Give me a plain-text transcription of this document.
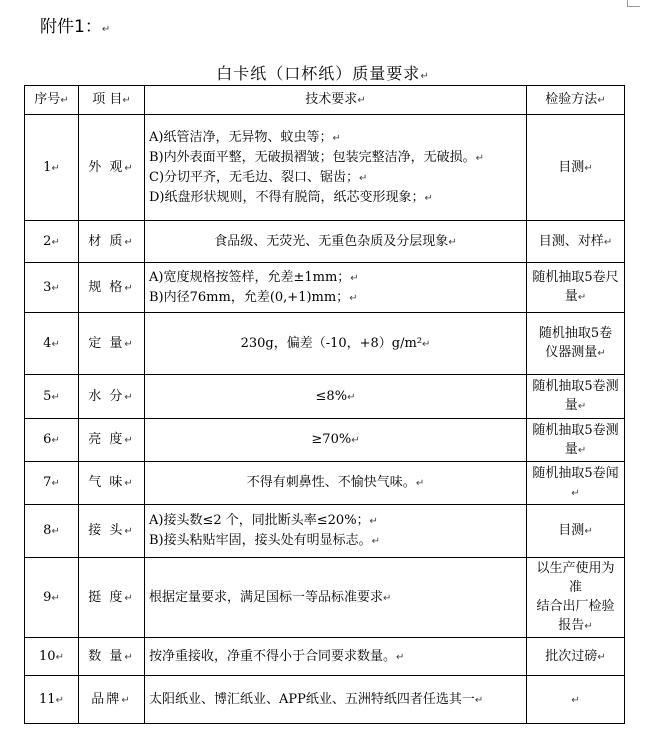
附件1：↵
白卡纸（口杯纸）质量要求↵
序号↵	项 目↵	技术要求↵	检验方法↵
1↵	外 观↵	A)纸管洁净，无异物、蚊虫等；↵
B)内外表面平整，无破损褶皱；包装完整洁净，无破损。↵
C)分切平齐，无毛边、裂口、锯齿；↵
D)纸盘形状规则，不得有脱筒，纸芯变形现象；↵	目测↵
2↵	材 质↵	食品级、无荧光、无重色杂质及分层现象↵	目测、对样↵
3↵	规 格↵	A)宽度规格按签样，允差±1mm；↵
B)内径76mm，允差(0,+1)mm；↵	随机抽取5卷尺量↵
4↵	定 量↵	230g，偏差（-10，+8）g/m²↵	随机抽取5卷
仪器测量↵
5↵	水 分↵	≤8%↵	随机抽取5卷测量↵
6↵	亮 度↵	≥70%↵	随机抽取5卷测量↵
7↵	气 味↵	不得有刺鼻性、不愉快气味。↵	随机抽取5卷闻↵
8↵	接 头↵	A)接头数≤2 个，同批断头率≤20%；↵
B)接头粘贴牢固，接头处有明显标志。↵	目测↵
9↵	挺 度↵	根据定量要求，满足国标一等品标准要求↵	以生产使用为准
结合出厂检验报告↵
10↵	数 量↵	按净重接收，净重不得小于合同要求数量。↵	批次过磅↵
11↵	品牌↵	太阳纸业、博汇纸业、APP纸业、五洲特纸四者任选其一↵	↵
